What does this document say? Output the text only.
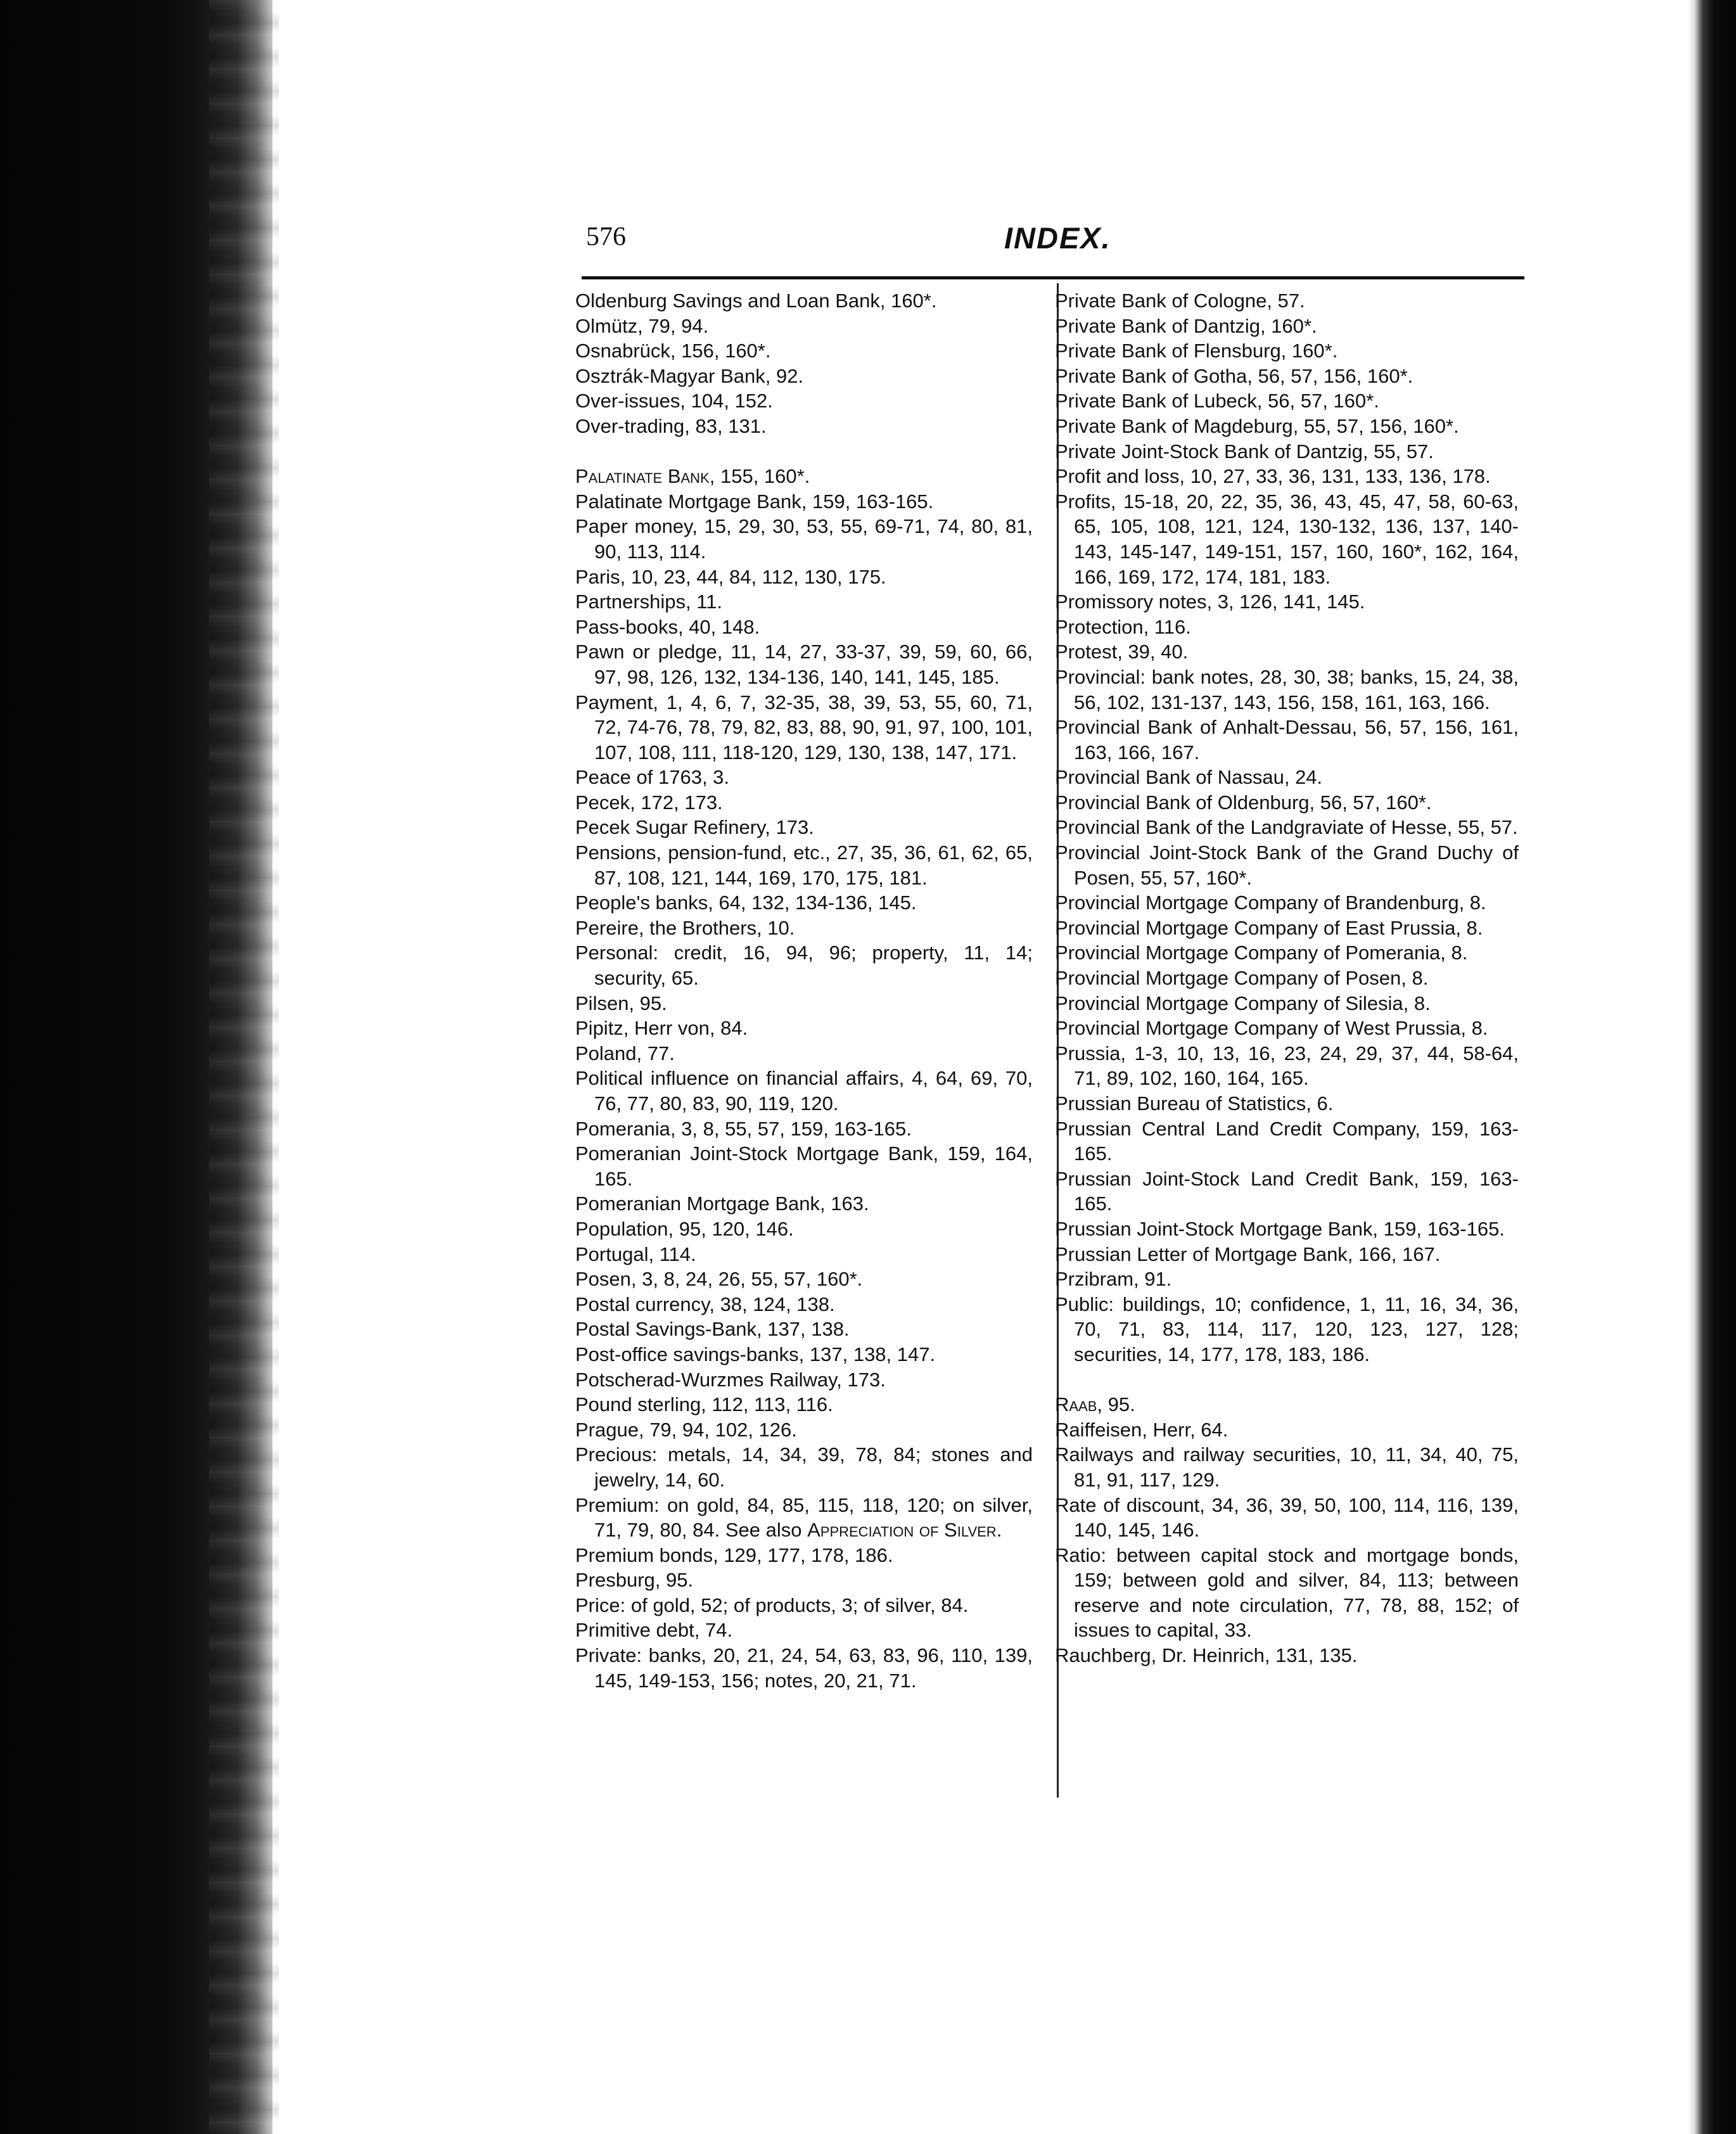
576	INDEX.
Oldenburg Savings and Loan Bank, 160*.
Olmütz, 79, 94.
Osnabrück, 156, 160*.
Osztrák-Magyar Bank, 92.
Over-issues, 104, 152.
Over-trading, 83, 131.
Palatinate Bank, 155, 160*.
Palatinate Mortgage Bank, 159, 163-165.
Paper money, 15, 29, 30, 53, 55, 69-71, 74, 80, 81, 90, 113, 114.
Paris, 10, 23, 44, 84, 112, 130, 175.
Partnerships, 11.
Pass-books, 40, 148.
Pawn or pledge, 11, 14, 27, 33-37, 39, 59, 60, 66, 97, 98, 126, 132, 134-136, 140, 141, 145, 185.
Payment, 1, 4, 6, 7, 32-35, 38, 39, 53, 55, 60, 71, 72, 74-76, 78, 79, 82, 83, 88, 90, 91, 97, 100, 101, 107, 108, 111, 118-120, 129, 130, 138, 147, 171.
Peace of 1763, 3.
Pecek, 172, 173.
Pecek Sugar Refinery, 173.
Pensions, pension-fund, etc., 27, 35, 36, 61, 62, 65, 87, 108, 121, 144, 169, 170, 175, 181.
People's banks, 64, 132, 134-136, 145.
Pereire, the Brothers, 10.
Personal: credit, 16, 94, 96; property, 11, 14; security, 65.
Pilsen, 95.
Pipitz, Herr von, 84.
Poland, 77.
Political influence on financial affairs, 4, 64, 69, 70, 76, 77, 80, 83, 90, 119, 120.
Pomerania, 3, 8, 55, 57, 159, 163-165.
Pomeranian Joint-Stock Mortgage Bank, 159, 164, 165.
Pomeranian Mortgage Bank, 163.
Population, 95, 120, 146.
Portugal, 114.
Posen, 3, 8, 24, 26, 55, 57, 160*.
Postal currency, 38, 124, 138.
Postal Savings-Bank, 137, 138.
Post-office savings-banks, 137, 138, 147.
Potscherad-Wurzmes Railway, 173.
Pound sterling, 112, 113, 116.
Prague, 79, 94, 102, 126.
Precious: metals, 14, 34, 39, 78, 84; stones and jewelry, 14, 60.
Premium: on gold, 84, 85, 115, 118, 120; on silver, 71, 79, 80, 84. See also Appreciation of Silver.
Premium bonds, 129, 177, 178, 186.
Presburg, 95.
Price: of gold, 52; of products, 3; of silver, 84.
Primitive debt, 74.
Private: banks, 20, 21, 24, 54, 63, 83, 96, 110, 139, 145, 149-153, 156; notes, 20, 21, 71.
Private Bank of Cologne, 57.
Private Bank of Dantzig, 160*.
Private Bank of Flensburg, 160*.
Private Bank of Gotha, 56, 57, 156, 160*.
Private Bank of Lubeck, 56, 57, 160*.
Private Bank of Magdeburg, 55, 57, 156, 160*.
Private Joint-Stock Bank of Dantzig, 55, 57.
Profit and loss, 10, 27, 33, 36, 131, 133, 136, 178.
Profits, 15-18, 20, 22, 35, 36, 43, 45, 47, 58, 60-63, 65, 105, 108, 121, 124, 130-132, 136, 137, 140-143, 145-147, 149-151, 157, 160, 160*, 162, 164, 166, 169, 172, 174, 181, 183.
Promissory notes, 3, 126, 141, 145.
Protection, 116.
Protest, 39, 40.
Provincial: bank notes, 28, 30, 38; banks, 15, 24, 38, 56, 102, 131-137, 143, 156, 158, 161, 163, 166.
Provincial Bank of Anhalt-Dessau, 56, 57, 156, 161, 163, 166, 167.
Provincial Bank of Nassau, 24.
Provincial Bank of Oldenburg, 56, 57, 160*.
Provincial Bank of the Landgraviate of Hesse, 55, 57.
Provincial Joint-Stock Bank of the Grand Duchy of Posen, 55, 57, 160*.
Provincial Mortgage Company of Brandenburg, 8.
Provincial Mortgage Company of East Prussia, 8.
Provincial Mortgage Company of Pomerania, 8.
Provincial Mortgage Company of Posen, 8.
Provincial Mortgage Company of Silesia, 8.
Provincial Mortgage Company of West Prussia, 8.
Prussia, 1-3, 10, 13, 16, 23, 24, 29, 37, 44, 58-64, 71, 89, 102, 160, 164, 165.
Prussian Bureau of Statistics, 6.
Prussian Central Land Credit Company, 159, 163-165.
Prussian Joint-Stock Land Credit Bank, 159, 163-165.
Prussian Joint-Stock Mortgage Bank, 159, 163-165.
Prussian Letter of Mortgage Bank, 166, 167.
Przibram, 91.
Public: buildings, 10; confidence, 1, 11, 16, 34, 36, 70, 71, 83, 114, 117, 120, 123, 127, 128; securities, 14, 177, 178, 183, 186.
Raab, 95.
Raiffeisen, Herr, 64.
Railways and railway securities, 10, 11, 34, 40, 75, 81, 91, 117, 129.
Rate of discount, 34, 36, 39, 50, 100, 114, 116, 139, 140, 145, 146.
Ratio: between capital stock and mortgage bonds, 159; between gold and silver, 84, 113; between reserve and note circulation, 77, 78, 88, 152; of issues to capital, 33.
Rauchberg, Dr. Heinrich, 131, 135.
